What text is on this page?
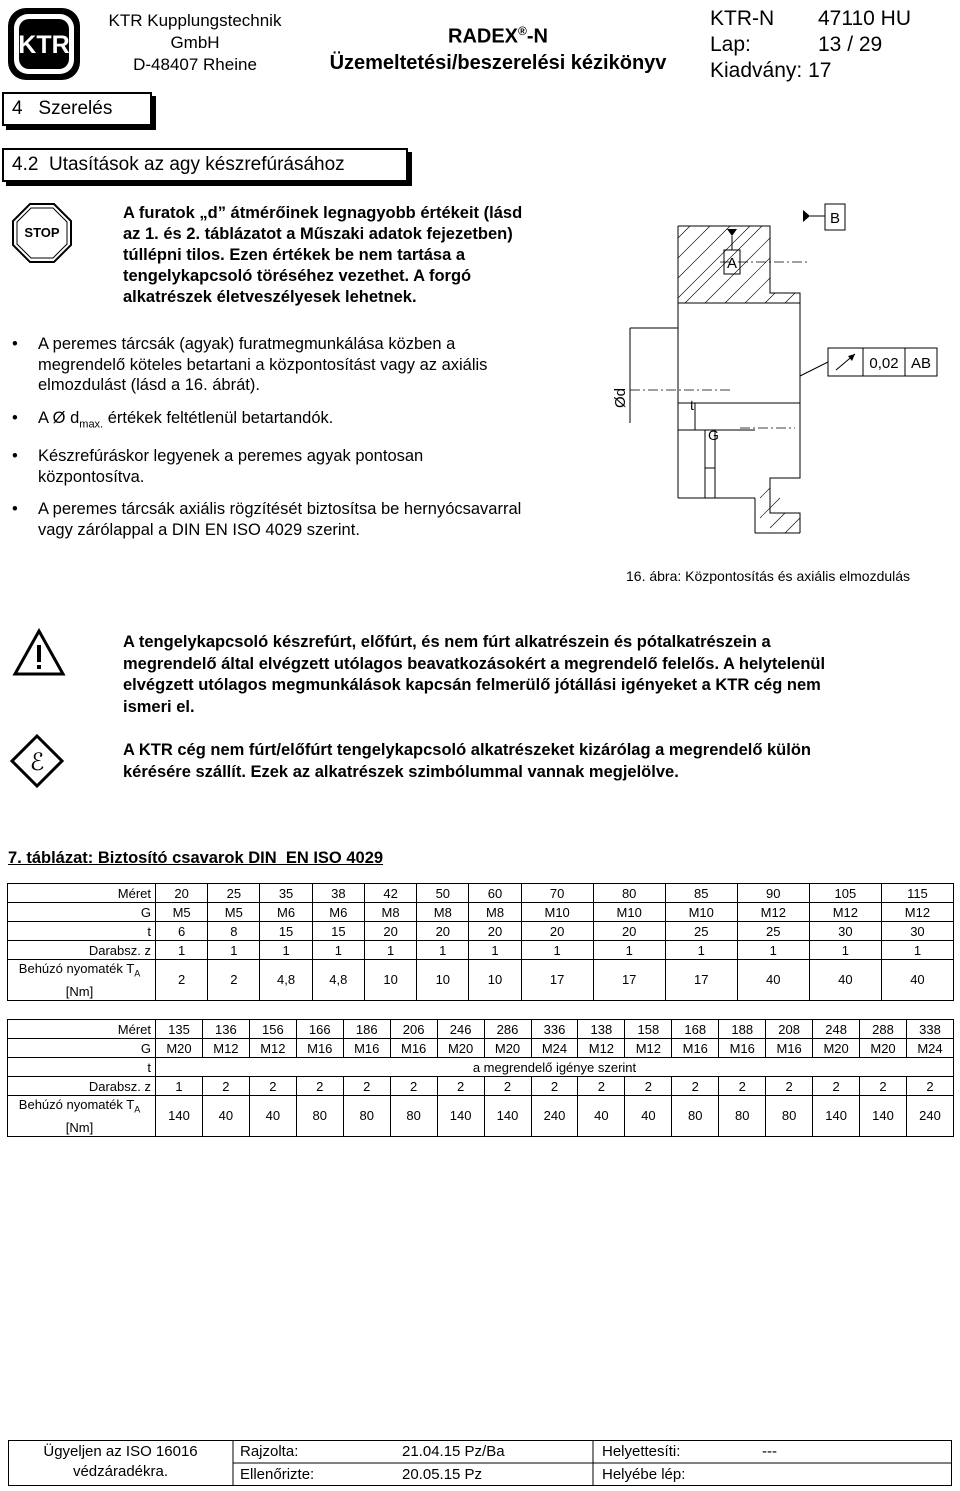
KTR
KTR Kupplungstechnik
GmbH
D-48407 Rheine
RADEX®-N
Üzemeltetési/beszerelési kézikönyv
KTR-N 47110 HU
Lap:	13 / 29
Kiadvány: 17
4 Szerelés
4.2  Utasítások az agy készrefúrásához
STOP
A furatok „d” átmérőinek legnagyobb értékeit (lásd
az 1. és 2. táblázatot a Műszaki adatok fejezetben)
túllépni tilos. Ezen értékek be nem tartása a
tengelykapcsoló töréséhez vezethet. A forgó
alkatrészek életveszélyesek lehetnek.
• A peremes tárcsák (agyak) furatmegmunkálása közben a
megrendelő köteles betartani a központosítást vagy az axiális
elmozdulást (lásd a 16. ábrát).
• A Ø $d_{max.}$ értékek feltétlenül betartandók.
• Készrefúráskor legyenek a peremes agyak pontosan
központosítva.
• A peremes tárcsák axiális rögzítését biztosítsa be hernyócsavarral
vagy zárólappal a DIN EN ISO 4029 szerint.
A
B
0,02 AB
Ød	t
G
16. ábra: Központosítás és axiális elmozdulás
A tengelykapcsoló készrefúrt, előfúrt, és nem fúrt alkatrészein és pótalkatrészein a
megrendelő által elvégzett utólagos beavatkozásokért a megrendelő felelős. A helytelenül
elvégzett utólagos megmunkálások kapcsán felmerülő jótállási igényeket a KTR cég nem
ismeri el.
ℰ	A KTR cég nem fúrt/előfúrt tengelykapcsoló alkatrészeket kizárólag a megrendelő külön
kérésére szállít. Ezek az alkatrészek szimbólummal vannak megjelölve.
7. táblázat: Biztosító csavarok DIN  EN ISO 4029
Méret	20	25	35	38	42	50	60	70	80	85	90	105	115
G	M5	M5	M6	M6	M8	M8	M8	M10	M10	M10	M12	M12	M12
t	6	8	15	15	20	20	20	20	20	25	25	30	30
Darabsz. z	1	1	1	1	1	1	1	1	1	1	1	1	1
Behúzó nyomaték $T_A$
[Nm]	2	2	4,8	4,8	10	10	10	17	17	17	40	40	40
Méret	135	136	156	166	186	206	246	286	336	138	158	168	188	208	248	288	338
G	M20	M12	M12	M16	M16	M16	M20	M20	M24	M12	M12	M16	M16	M16	M20	M20	M24
t	a megrendelő igénye szerint																
Darabsz. z	1	2	2	2	2	2	2	2	2	2	2	2	2	2	2	2	2
Behúzó nyomaték $T_A$
[Nm]	140	40	40	80	80	80	140	140	240	40	40	80	80	80	140	140	240
Ügyeljen az ISO 16016
védzáradékra.
Rajzolta:	21.04.15 Pz/Ba
Ellenőrizte:	20.05.15 Pz
Helyettesíti:	---
Helyébe lép:
